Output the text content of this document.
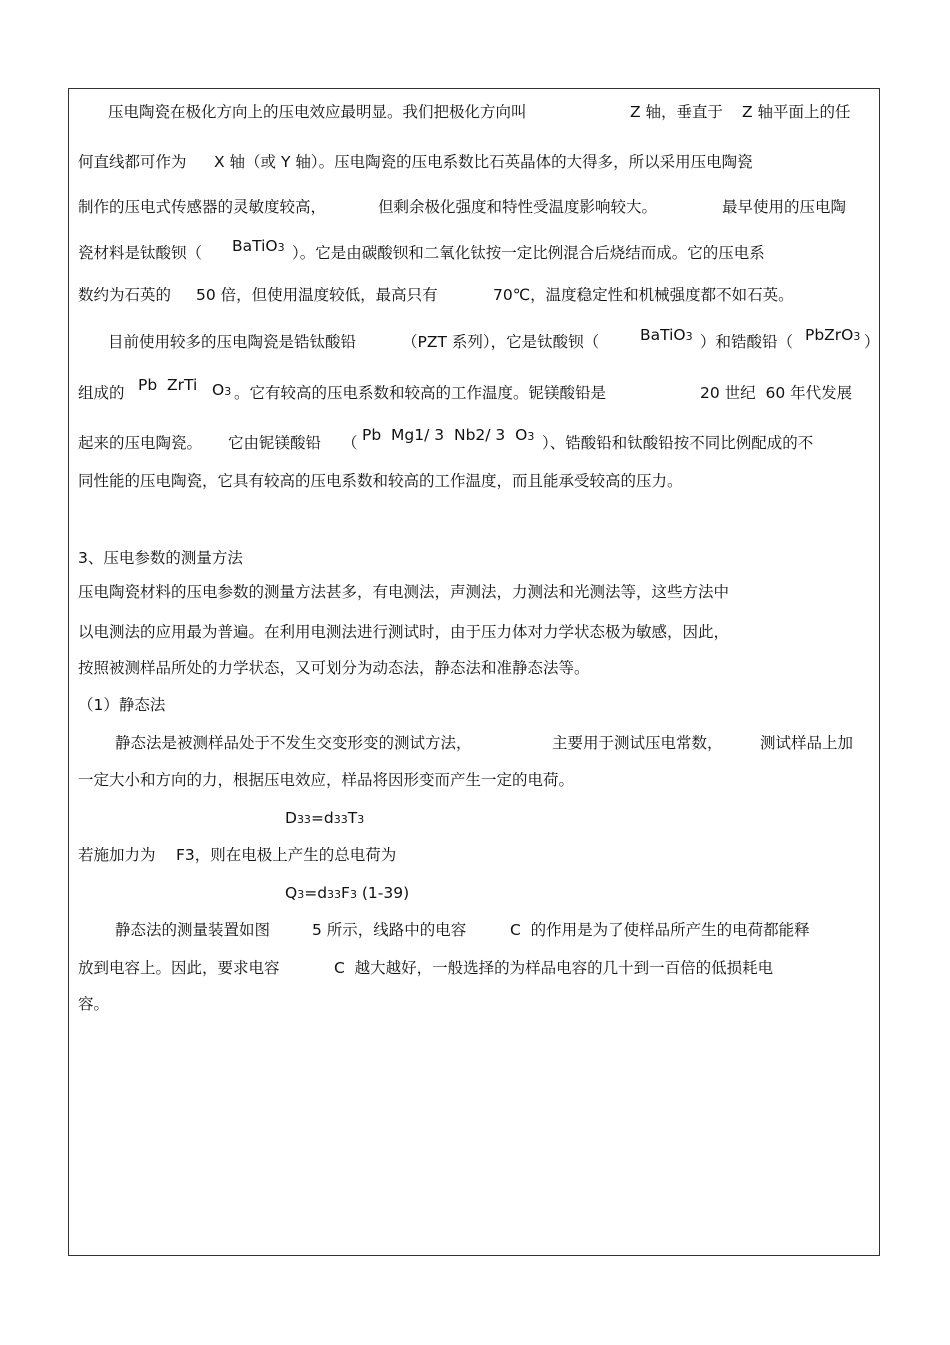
压电陶瓷在极化方向上的压电效应最明显。我们把极化方向叫	Z 轴，垂直于 Z 轴平面上的任
何直线都可作为 X 轴（或 Y 轴）。压电陶瓷的压电系数比石英晶体的大得多，所以采用压电陶瓷
制作的压电式传感器的灵敏度较高，	但剩余极化强度和特性受温度影响较大。	最早使用的压电陶
瓷材料是钛酸钡（ BaTiO3 ）。它是由碳酸钡和二氧化钛按一定比例混合后烧结而成。它的压电系
数约为石英的 50 倍，但使用温度较低，最高只有	70℃，温度稳定性和机械强度都不如石英。
目前使用较多的压电陶瓷是锆钛酸铅	（PZT 系列），它是钛酸钡（	BaTiO3 ）和锆酸铅（ PbZrO3 ）
组成的 Pb  ZrTi O3 。它有较高的压电系数和较高的工作温度。铌镁酸铅是	20 世纪  60 年代发展
起来的压电陶瓷。 它由铌镁酸铅 （ Pb  Mg1/ 3  Nb2/ 3  O3 ）、锆酸铅和钛酸铅按不同比例配成的不
同性能的压电陶瓷，它具有较高的压电系数和较高的工作温度，而且能承受较高的压力。
3、压电参数的测量方法
压电陶瓷材料的压电参数的测量方法甚多，有电测法，声测法，力测法和光测法等，这些方法中
以电测法的应用最为普遍。在利用电测法进行测试时，由于压力体对力学状态极为敏感，因此，
按照被测样品所处的力学状态，又可划分为动态法，静态法和准静态法等。
（1）静态法
静态法是被测样品处于不发生交变形变的测试方法，	主要用于测试压电常数， 测试样品上加
一定大小和方向的力，根据压电效应，样品将因形变而产生一定的电荷。
D33=d33T3
若施加力为 F3，则在电极上产生的总电荷为
Q3=d33F3 (1-39)
静态法的测量装置如图	5 所示，线路中的电容	C  的作用是为了使样品所产生的电荷都能释
放到电容上。因此，要求电容	C  越大越好，一般选择的为样品电容的几十到一百倍的低损耗电
容。
